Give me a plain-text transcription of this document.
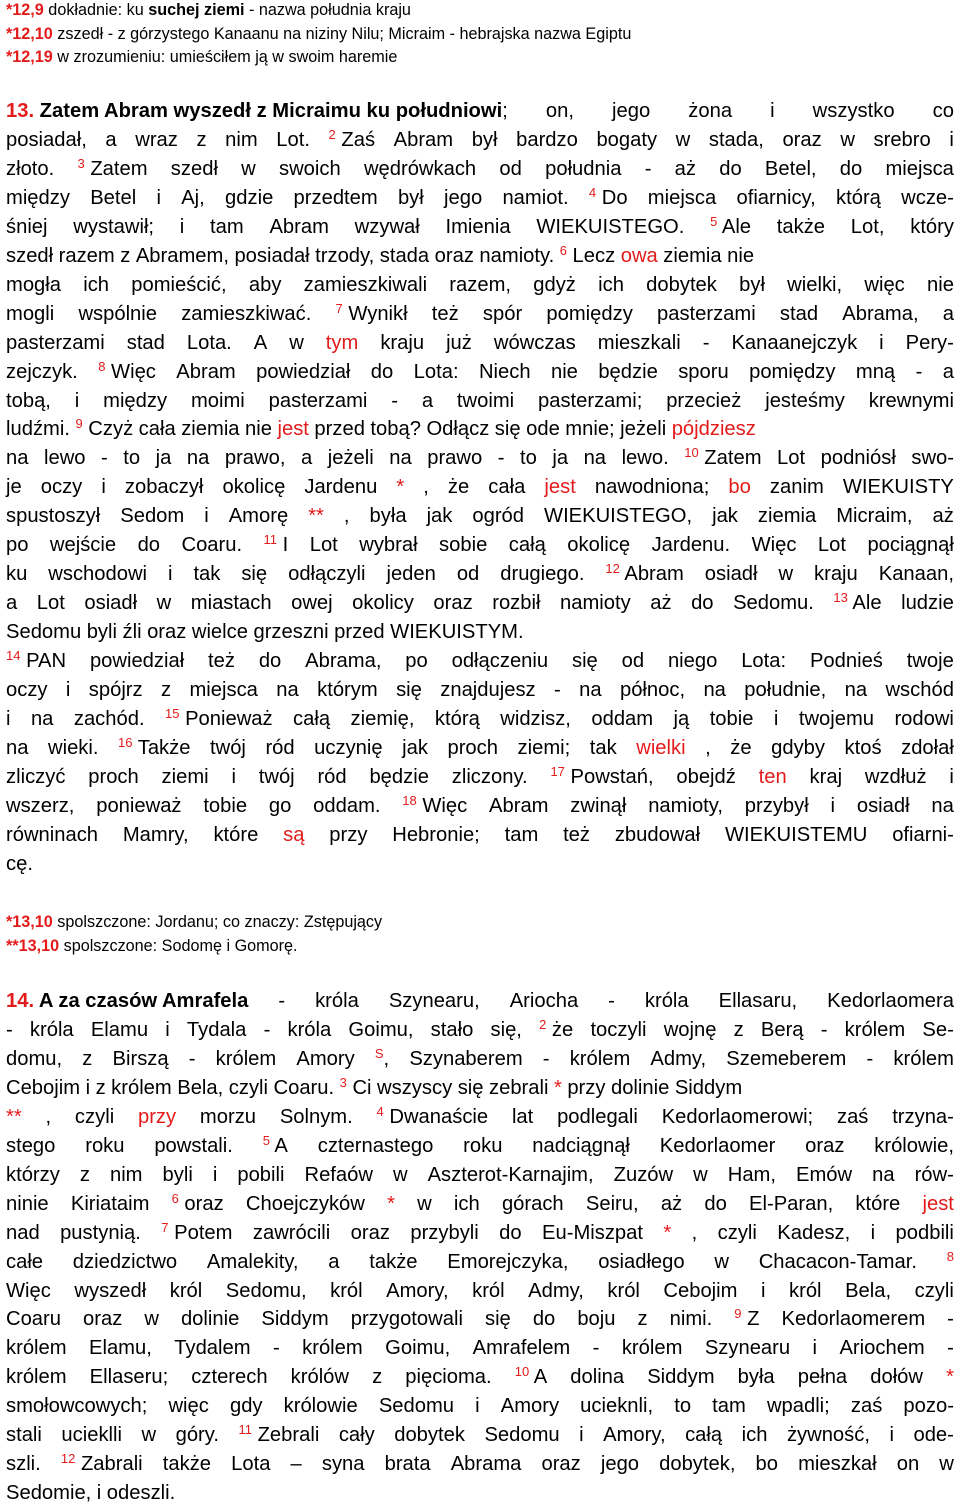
*12,9 dokładnie: ku suchej ziemi - nazwa południa kraju
*12,10 zszedł - z górzystego Kanaanu na niziny Nilu; Micraim - hebrajska nazwa Egiptu
*12,19 w zrozumieniu: umieściłem ją w swoim haremie
13. Zatem Abram wyszedł z Micraimu ku południowi; on, jego żona i wszystko co
posiadał, a wraz z nim Lot. $^2$ Zaś Abram był bardzo bogaty w stada, oraz w srebro i
złoto. $^3$ Zatem szedł w swoich wędrówkach od południa - aż do Betel, do miejsca
między Betel i Aj, gdzie przedtem był jego namiot. $^4$ Do miejsca ofiarnicy, którą wcze-
śniej wystawił; i tam Abram wzywał Imienia WIEKUISTEGO. $^5$ Ale także Lot, który
szedł razem z Abramem, posiadał trzody, stada oraz namioty. $^6$ Lecz owa ziemia nie
mogła ich pomieścić, aby zamieszkiwali razem, gdyż ich dobytek był wielki, więc nie
mogli wspólnie zamieszkiwać. $^7$ Wynikł też spór pomiędzy pasterzami stad Abrama, a
pasterzami stad Lota. A w tym kraju już wówczas mieszkali - Kanaanejczyk i Pery-
zejczyk. $^8$ Więc Abram powiedział do Lota: Niech nie będzie sporu pomiędzy mną - a
tobą, i między moimi pasterzami - a twoimi pasterzami; przecież jesteśmy krewnymi
ludźmi. $^9$ Czyż cała ziemia nie jest przed tobą? Odłącz się ode mnie; jeżeli pójdziesz
na lewo - to ja na prawo, a jeżeli na prawo - to ja na lewo. $^{10}$ Zatem Lot podniósł swo-
je oczy i zobaczył okolicę Jardenu * , że cała jest nawodniona; bo zanim WIEKUISTY
spustoszył Sedom i Amorę ** , była jak ogród WIEKUISTEGO, jak ziemia Micraim, aż
po wejście do Coaru. $^{11}$ I Lot wybrał sobie całą okolicę Jardenu. Więc Lot pociągnął
ku wschodowi i tak się odłączyli jeden od drugiego. $^{12}$ Abram osiadł w kraju Kanaan,
a Lot osiadł w miastach owej okolicy oraz rozbił namioty aż do Sedomu. $^{13}$ Ale ludzie
Sedomu byli źli oraz wielce grzeszni przed WIEKUISTYM.
$^{14}$ PAN powiedział też do Abrama, po odłączeniu się od niego Lota: Podnieś twoje
oczy i spójrz z miejsca na którym się znajdujesz - na północ, na południe, na wschód
i na zachód. $^{15}$ Ponieważ całą ziemię, którą widzisz, oddam ją tobie i twojemu rodowi
na wieki. $^{16}$ Także twój ród uczynię jak proch ziemi; tak wielki , że gdyby ktoś zdołał
zliczyć proch ziemi i twój ród będzie zliczony. $^{17}$ Powstań, obejdź ten kraj wzdłuż i
wszerz, ponieważ tobie go oddam. $^{18}$ Więc Abram zwinął namioty, przybył i osiadł na
równinach Mamry, które są przy Hebronie; tam też zbudował WIEKUISTEMU ofiarni-
cę.
*13,10 spolszczone: Jordanu; co znaczy: Zstępujący
**13,10 spolszczone: Sodomę i Gomorę.
14. A za czasów Amrafela - króla Szynearu, Ariocha - króla Ellasaru, Kedorlaomera
- króla Elamu i Tydala - króla Goimu, stało się, $^2$ że toczyli wojnę z Berą - królem Se-
domu, z Birszą - królem Amory $^S$, Szynaberem - królem Admy, Szemeberem - królem
Cebojim i z królem Bela, czyli Coaru. $^3$ Ci wszyscy się zebrali * przy dolinie Siddym
** , czyli przy morzu Solnym. $^4$ Dwanaście lat podlegali Kedorlaomerowi; zaś trzyna-
stego roku powstali. $^5$ A czternastego roku nadciągnął Kedorlaomer oraz królowie,
którzy z nim byli i pobili Refaów w Aszterot-Karnajim, Zuzów w Ham, Emów na rów-
ninie Kiriataim $^6$ oraz Choejczyków * w ich górach Seiru, aż do El-Paran, które jest
nad pustynią. $^7$ Potem zawrócili oraz przybyli do Eu-Miszpat * , czyli Kadesz, i podbili
całe dziedzictwo Amalekity, a także Emorejczyka, osiadłego w Chacacon-Tamar. $^8$
Więc wyszedł król Sedomu, król Amory, król Admy, król Cebojim i król Bela, czyli
Coaru oraz w dolinie Siddym przygotowali się do boju z nimi. $^9$ Z Kedorlaomerem -
królem Elamu, Tydalem - królem Goimu, Amrafelem - królem Szynearu i Ariochem -
królem Ellaseru; czterech królów z pięcioma. $^{10}$ A dolina Siddym była pełna dołów *
smołowcowych; więc gdy królowie Sedomu i Amory ucieknli, to tam wpadli; zaś pozo-
stali ucieklli w góry. $^{11}$ Zebrali cały dobytek Sedomu i Amory, całą ich żywność, i ode-
szli. $^{12}$ Zabrali także Lota – syna brata Abrama oraz jego dobytek, bo mieszkał on w
Sedomie, i odeszli.
